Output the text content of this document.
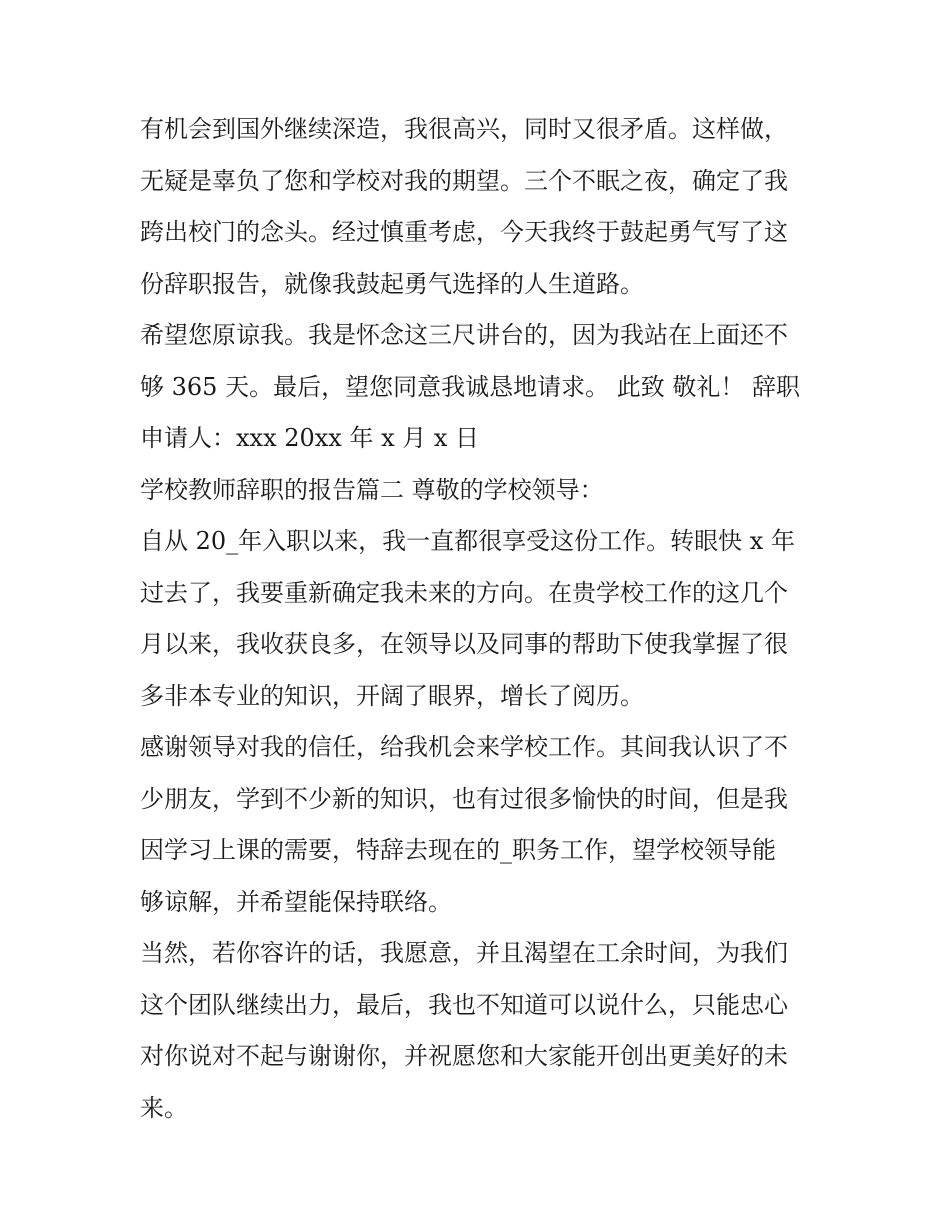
有机会到国外继续深造，我很高兴，同时又很矛盾。这样做，
无疑是辜负了您和学校对我的期望。三个不眠之夜，确定了我
跨出校门的念头。经过慎重考虑，今天我终于鼓起勇气写了这
份辞职报告，就像我鼓起勇气选择的人生道路。
希望您原谅我。我是怀念这三尺讲台的，因为我站在上面还不
够 365 天。最后，望您同意我诚恳地请求。 此致 敬礼！ 辞职
申请人：xxx 20xx 年 x 月 x 日
学校教师辞职的报告篇二 尊敬的学校领导：
自从 20_年入职以来，我一直都很享受这份工作。转眼快 x 年
过去了，我要重新确定我未来的方向。在贵学校工作的这几个
月以来，我收获良多，在领导以及同事的帮助下使我掌握了很
多非本专业的知识，开阔了眼界，增长了阅历。
感谢领导对我的信任，给我机会来学校工作。其间我认识了不
少朋友，学到不少新的知识，也有过很多愉快的时间，但是我
因学习上课的需要，特辞去现在的_职务工作，望学校领导能
够谅解，并希望能保持联络。
当然，若你容许的话，我愿意，并且渴望在工余时间，为我们
这个团队继续出力，最后，我也不知道可以说什么，只能忠心
对你说对不起与谢谢你，并祝愿您和大家能开创出更美好的未
来。
